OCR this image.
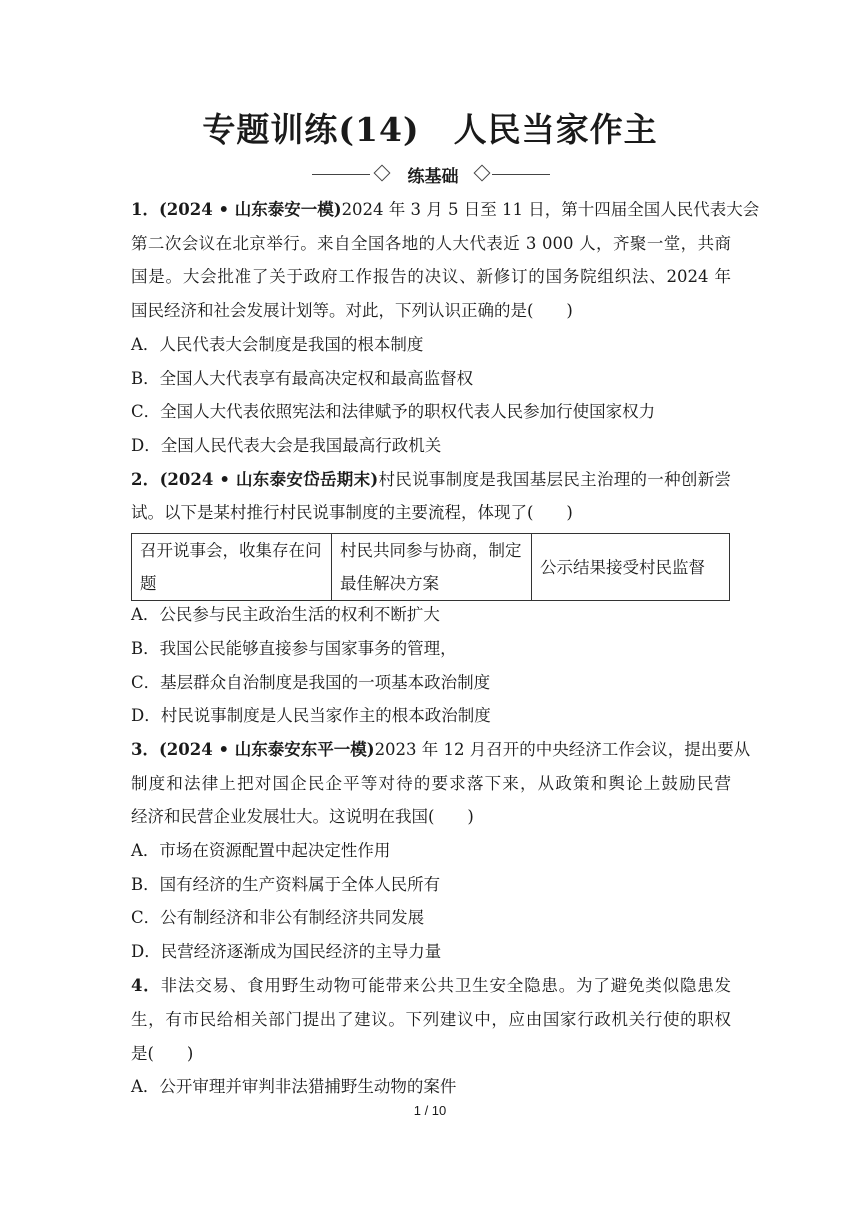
专题训练(14)　人民当家作主
练基础
1．(2024 • 山东泰安一模)2024 年 3 月 5 日至 11 日，第十四届全国人民代表大会
第二次会议在北京举行。来自全国各地的人大代表近 3 000 人，齐聚一堂，共商
国是。大会批准了关于政府工作报告的决议、新修订的国务院组织法、2024 年
国民经济和社会发展计划等。对此，下列认识正确的是(　　)
A．人民代表大会制度是我国的根本制度
B．全国人大代表享有最高决定权和最高监督权
C．全国人大代表依照宪法和法律赋予的职权代表人民参加行使国家权力
D．全国人民代表大会是我国最高行政机关
2．(2024 • 山东泰安岱岳期末)村民说事制度是我国基层民主治理的一种创新尝
试。以下是某村推行村民说事制度的主要流程，体现了(　　)
召开说事会，收集存在问题	村民共同参与协商，制定最佳解决方案	公示结果接受村民监督
A．公民参与民主政治生活的权利不断扩大
B．我国公民能够直接参与国家事务的管理，
C．基层群众自治制度是我国的一项基本政治制度
D．村民说事制度是人民当家作主的根本政治制度
3．(2024 • 山东泰安东平一模)2023 年 12 月召开的中央经济工作会议，提出要从
制度和法律上把对国企民企平等对待的要求落下来，从政策和舆论上鼓励民营
经济和民营企业发展壮大。这说明在我国(　　)
A．市场在资源配置中起决定性作用
B．国有经济的生产资料属于全体人民所有
C．公有制经济和非公有制经济共同发展
D．民营经济逐渐成为国民经济的主导力量
4．非法交易、食用野生动物可能带来公共卫生安全隐患。为了避免类似隐患发
生，有市民给相关部门提出了建议。下列建议中，应由国家行政机关行使的职权
是(　　)
A．公开审理并审判非法猎捕野生动物的案件
1 / 10
